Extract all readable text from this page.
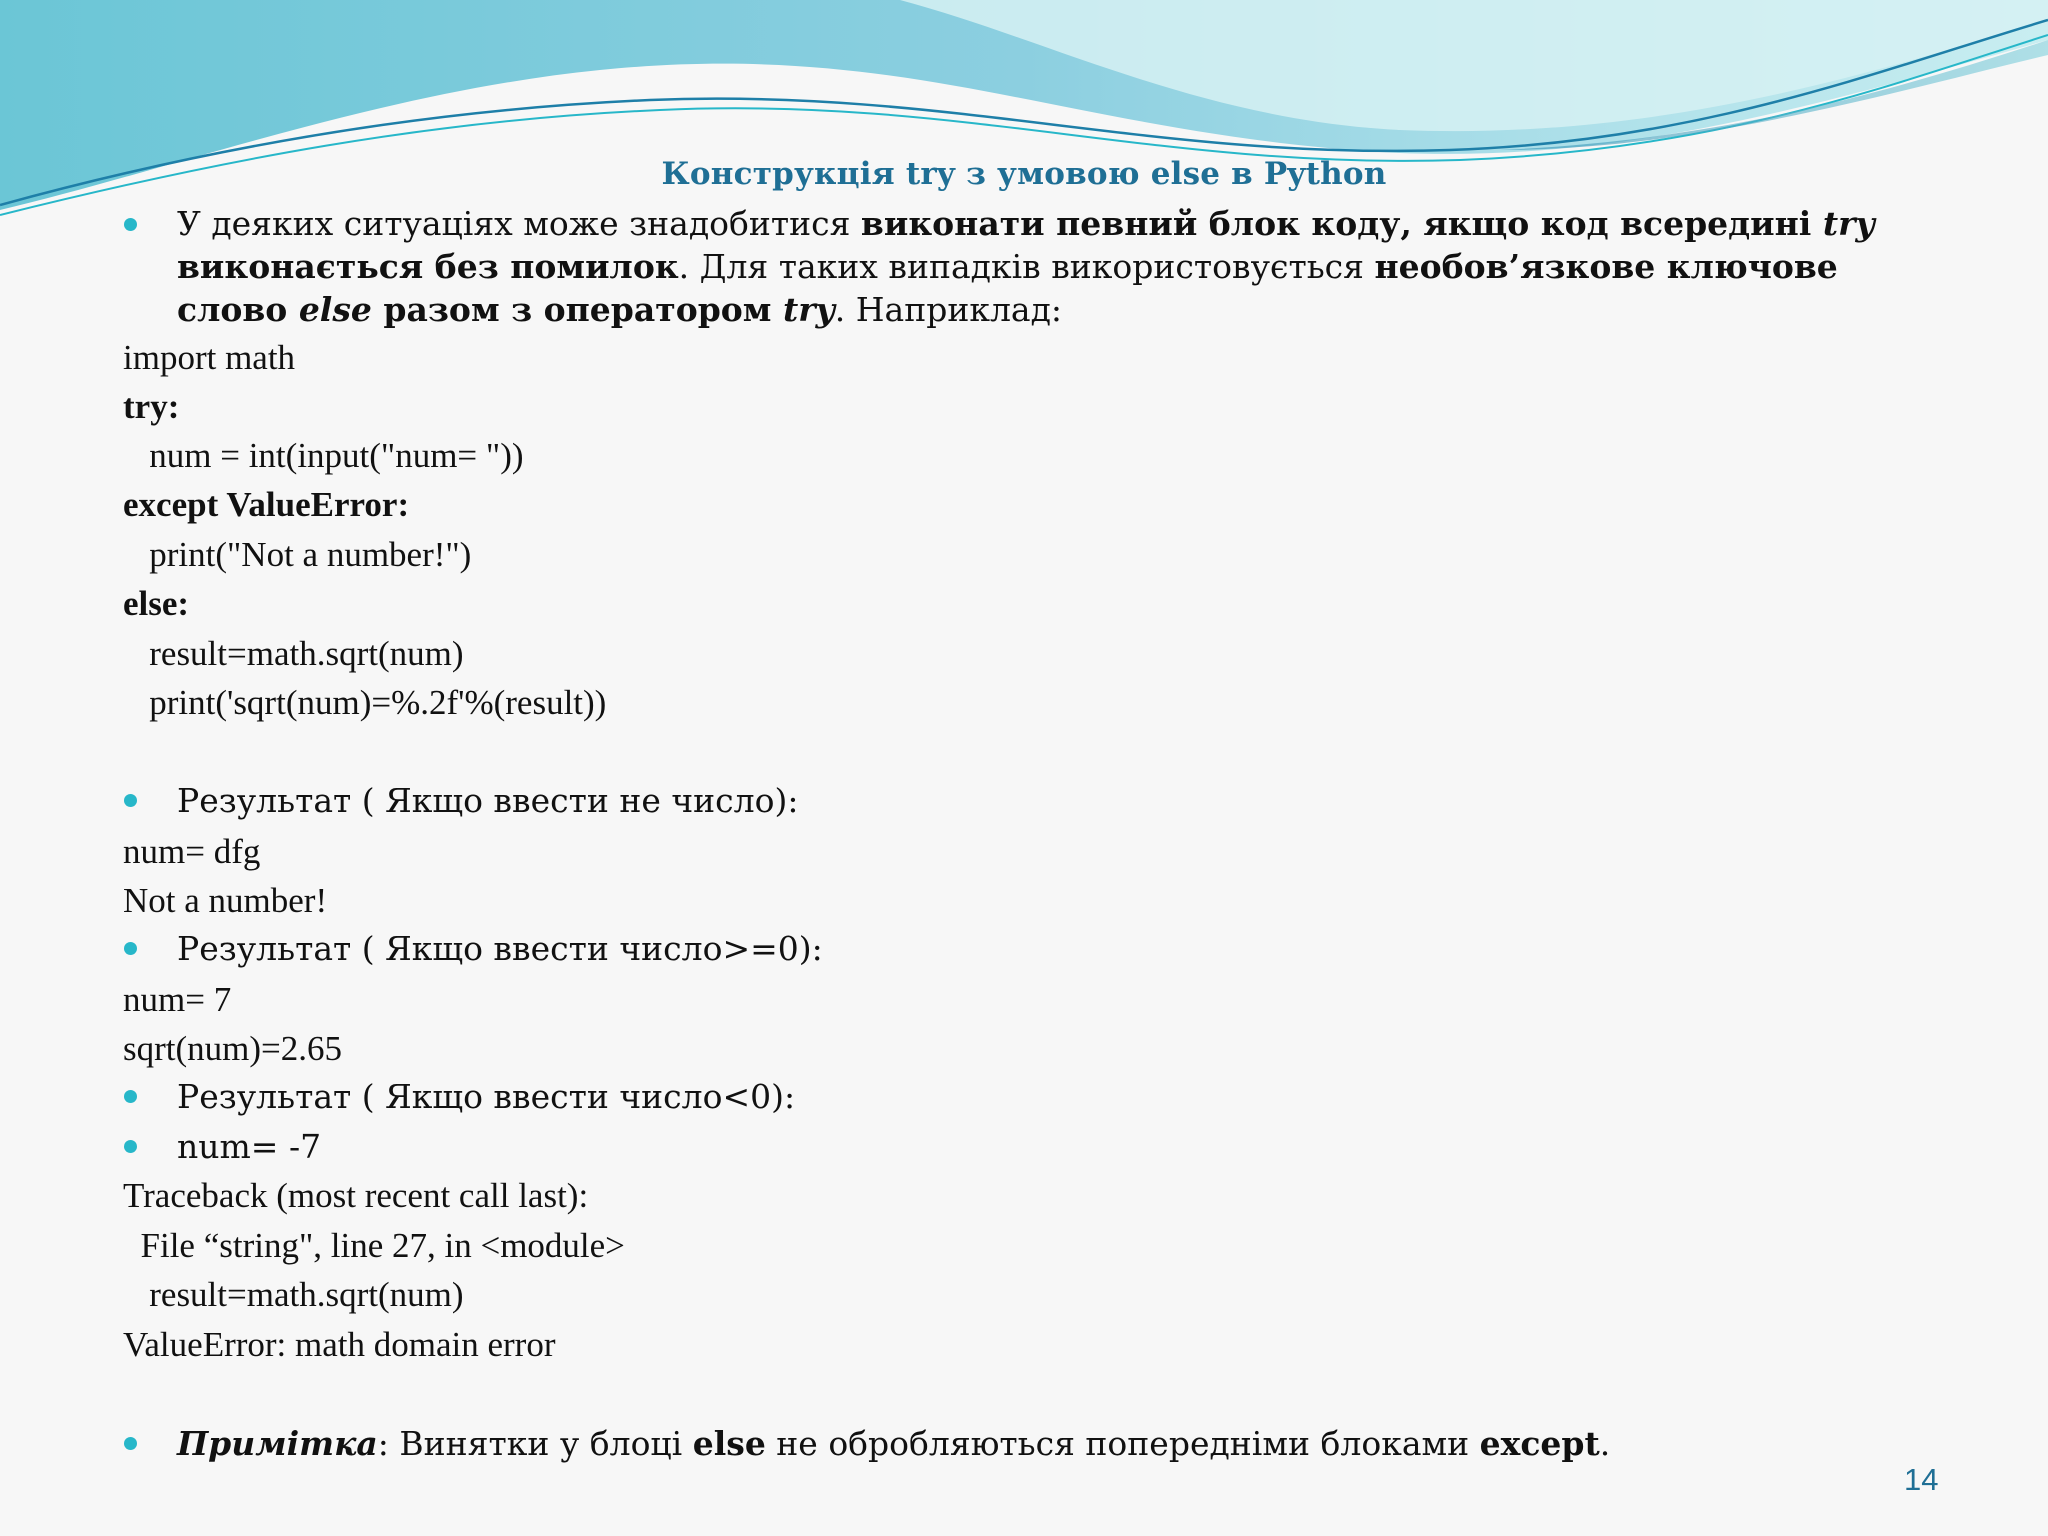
Конструкція try з умовою else в Python
У деяких ситуаціях може знадобитися виконати певний блок коду, якщо код всередині try
виконається без помилок. Для таких випадків використовується необов’язкове ключове
слово else разом з оператором try. Наприклад:
import math
try:
num = int(input("num= "))
except ValueError:
print("Not a number!")
else:
result=math.sqrt(num)
print('sqrt(num)=%.2f'%(result))
Результат ( Якщо ввести не число):
num= dfg
Not a number!
Результат ( Якщо ввести число>=0):
num= 7
sqrt(num)=2.65
Результат ( Якщо ввести число<0):
num= -7
Traceback (most recent call last):
File “string", line 27, in <module>
result=math.sqrt(num)
ValueError: math domain error
Примітка: Винятки у блоці else не обробляються попередніми блоками except.
14
